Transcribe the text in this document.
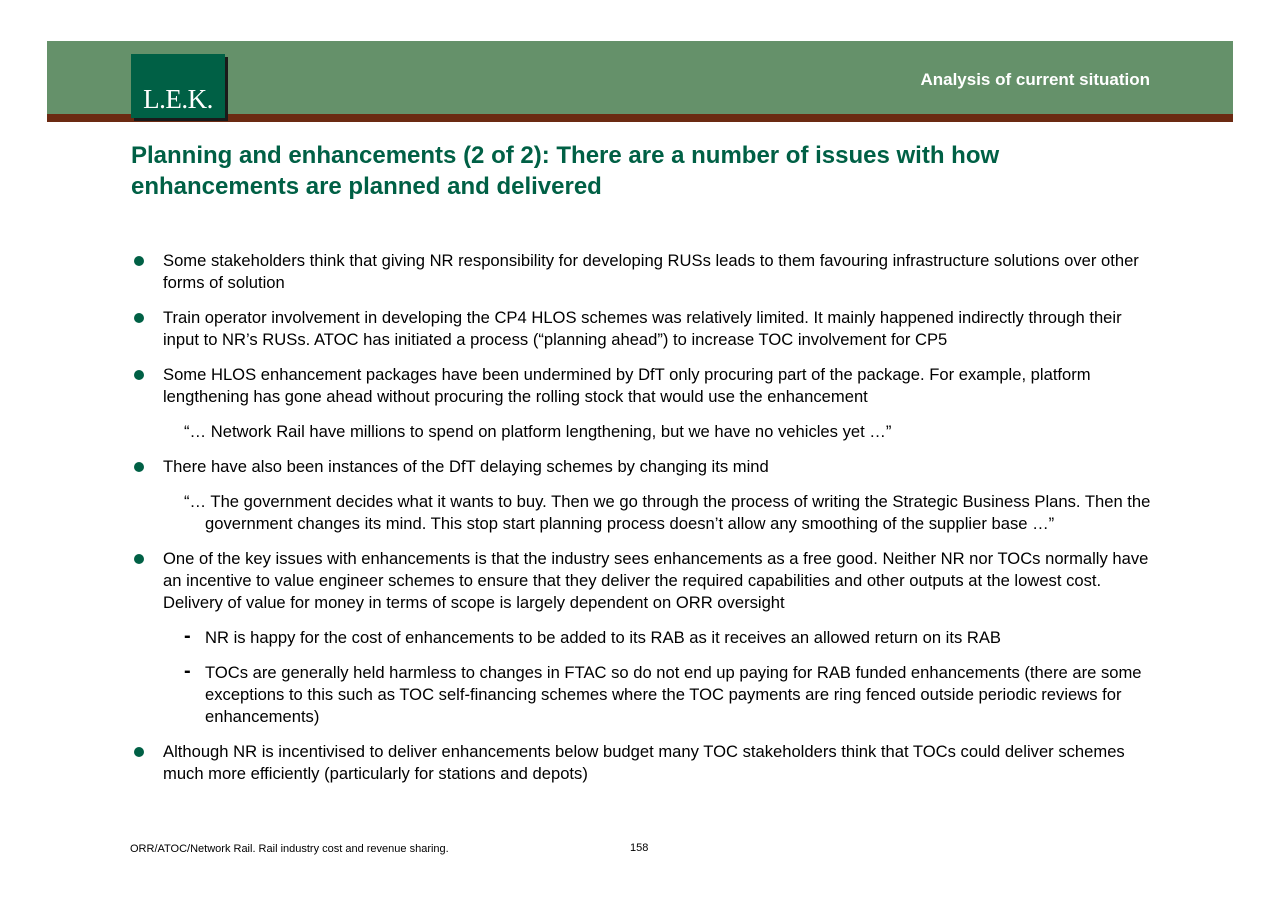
L.E.K.
Analysis of current situation
Planning and enhancements (2 of 2): There are a number of issues with how enhancements are planned and delivered
Some stakeholders think that giving NR responsibility for developing RUSs leads to them favouring infrastructure solutions over other forms of solution
Train operator involvement in developing the CP4 HLOS schemes was relatively limited. It mainly happened indirectly through their input to NR’s RUSs. ATOC has initiated a process (“planning ahead”) to increase TOC involvement for CP5
Some HLOS enhancement packages have been undermined by DfT only procuring part of the package. For example, platform lengthening has gone ahead without procuring the rolling stock that would use the enhancement
“… Network Rail have millions to spend on platform lengthening, but we have no vehicles yet …”
There have also been instances of the DfT delaying schemes by changing its mind
“… The government decides what it wants to buy. Then we go through the process of writing the Strategic Business Plans. Then the government changes its mind. This stop start planning process doesn’t allow any smoothing of the supplier base …”
One of the key issues with enhancements is that the industry sees enhancements as a free good. Neither NR nor TOCs normally have an incentive to value engineer schemes to ensure that they deliver the required capabilities and other outputs at the lowest cost. Delivery of value for money in terms of scope is largely dependent on ORR oversight
- NR is happy for the cost of enhancements to be added to its RAB as it receives an allowed return on its RAB
- TOCs are generally held harmless to changes in FTAC so do not end up paying for RAB funded enhancements (there are some exceptions to this such as TOC self-financing schemes where the TOC payments are ring fenced outside periodic reviews for enhancements)
Although NR is incentivised to deliver enhancements below budget many TOC stakeholders think that TOCs could deliver schemes much more efficiently (particularly for stations and depots)
ORR/ATOC/Network Rail. Rail industry cost and revenue sharing.	158
